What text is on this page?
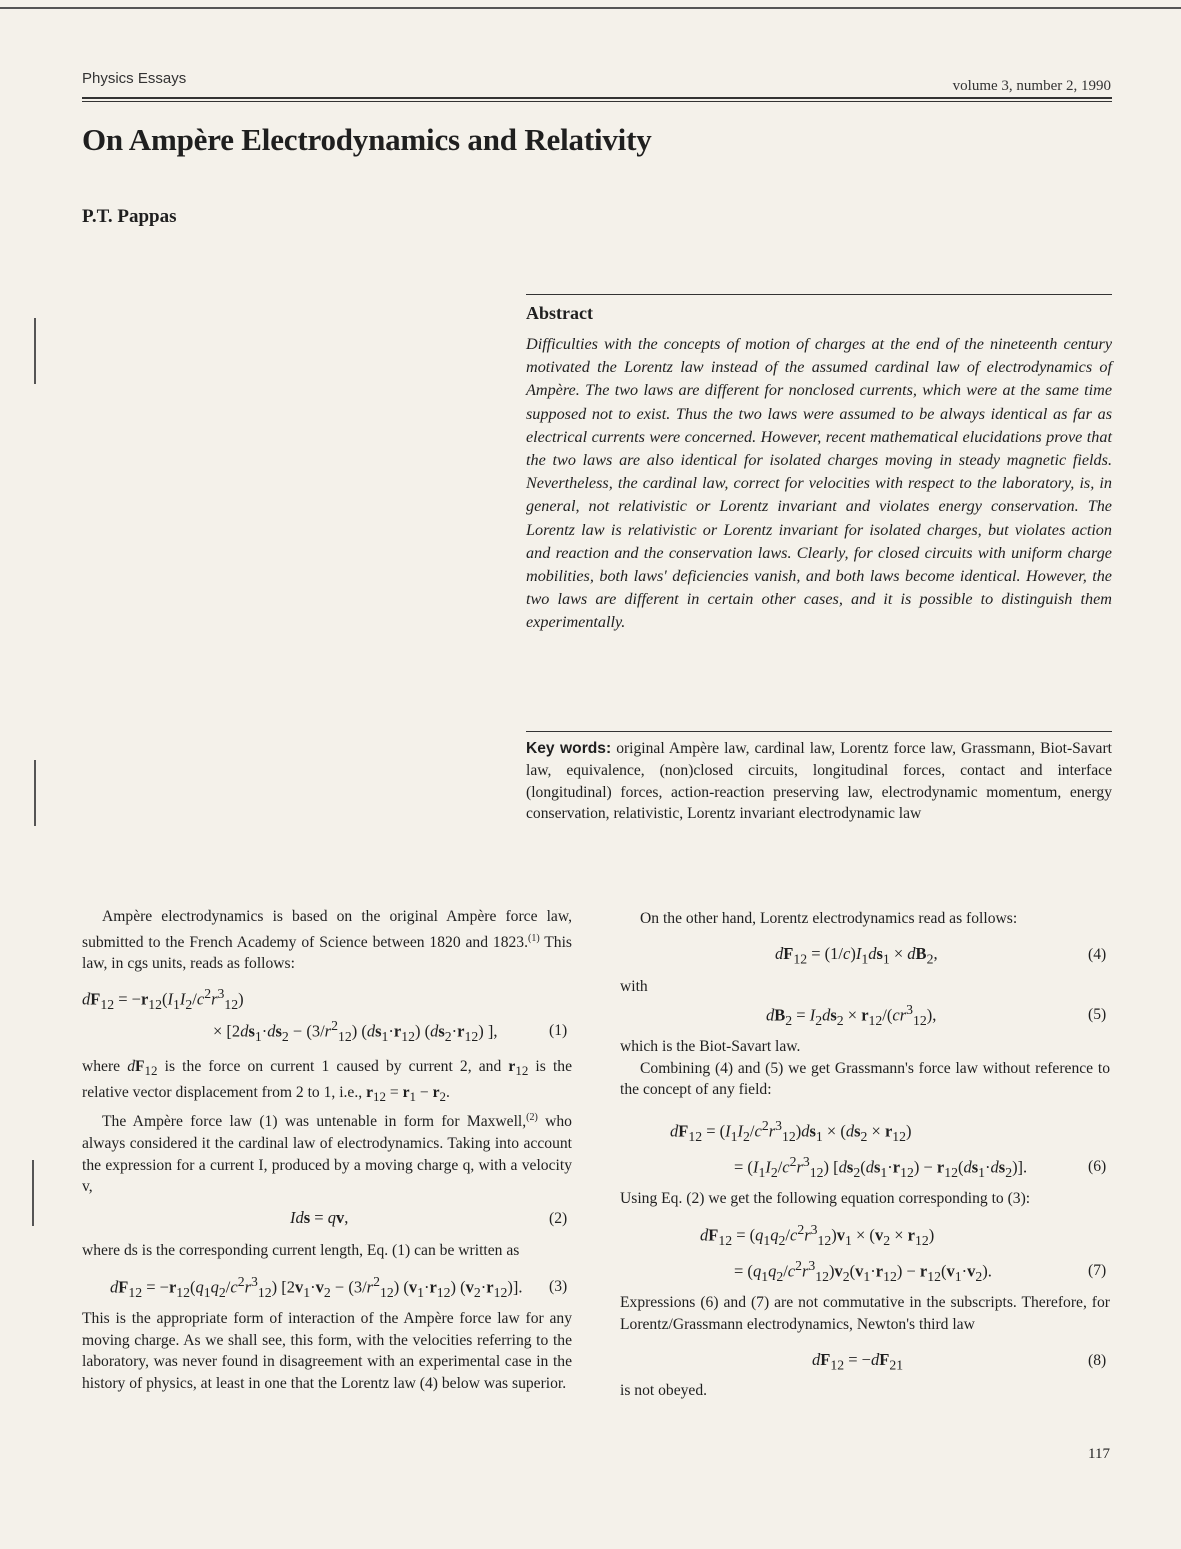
Physics Essays	volume 3, number 2, 1990
On Ampère Electrodynamics and Relativity
P.T. Pappas
Abstract
Difficulties with the concepts of motion of charges at the end of the nineteenth century motivated the Lorentz law instead of the assumed cardinal law of electrodynamics of Ampère. The two laws are different for nonclosed currents, which were at the same time supposed not to exist. Thus the two laws were assumed to be always identical as far as electrical currents were concerned. However, recent mathematical elucidations prove that the two laws are also identical for isolated charges moving in steady magnetic fields. Nevertheless, the cardinal law, correct for velocities with respect to the laboratory, is, in general, not relativistic or Lorentz invariant and violates energy conservation. The Lorentz law is relativistic or Lorentz invariant for isolated charges, but violates action and reaction and the conservation laws. Clearly, for closed circuits with uniform charge mobilities, both laws' deficiencies vanish, and both laws become identical. However, the two laws are different in certain other cases, and it is possible to distinguish them experimentally.
Key words: original Ampère law, cardinal law, Lorentz force law, Grassmann, Biot-Savart law, equivalence, (non)closed circuits, longitudinal forces, contact and interface (longitudinal) forces, action-reaction preserving law, electrodynamic momentum, energy conservation, relativistic, Lorentz invariant electrodynamic law

Ampère electrodynamics is based on the original Ampère force law, submitted to the French Academy of Science between 1820 and 1823.$^{(1)}$ This law, in cgs units, reads as follows:

$dF_{12} = -r_{12}(I_1I_2/c^2r^3_{12})$
× [$2ds_1\cdot ds_2 - (3/r^2_{12})$ $(ds_1\cdot r_{12})$ $(ds_2\cdot r_{12})$ ],	(1)

where $dF_{12}$ is the force on current 1 caused by current 2, and $r_{12}$ is the relative vector displacement from 2 to 1, i.e., $r_{12} = r_1 - r_2$.

The Ampère force law (1) was untenable in form for Maxwell,$^{(2)}$ who always considered it the cardinal law of electrodynamics. Taking into account the expression for a current I, produced by a moving charge q, with a velocity v,

Ids = qv,	(2)

where ds is the corresponding current length, Eq. (1) can be written as

$dF_{12} = -r_{12}(q_1q_2/c^2r^3_{12}) [2v_1\cdot v_2 - (3/r^2_{12})$ $(v_1\cdot r_{12})$ $(v_2\cdot r_{12})$]. (3)

This is the appropriate form of interaction of the Ampère force law for any moving charge. As we shall see, this form, with the velocities referring to the laboratory, was never found in disagreement with an experimental case in the history of physics, at least in one that the Lorentz law (4) below was superior.

On the other hand, Lorentz electrodynamics read as follows:

$dF_{12} = (1/c)I_1ds_1 \times dB_2$,	(4)
with
$dB_2 = I_2ds_2 \times r_{12}/(cr^3_{12})$,	(5)

which is the Biot-Savart law.

Combining (4) and (5) we get Grassmann's force law without reference to the concept of any field:

$dF_{12} = (I_1I_2/c^2r^3_{12})ds_1 \times (ds_2 \times r_{12})$
= $(I_1I_2/c^2r^3_{12}) [ds_2(ds_1\cdot r_{12}) - r_{12}(ds_1\cdot ds_2)]$.	(6)

Using Eq. (2) we get the following equation corresponding to (3):

$dF_{12} = (q_1q_2/c^2r^3_{12})v_1 \times (v_2 \times r_{12})$
= $(q_1q_2/c^2r^3_{12})v_2(v_1\cdot r_{12}) - r_{12}(v_1\cdot v_2)$.	(7)

Expressions (6) and (7) are not commutative in the subscripts. Therefore, for Lorentz/Grassmann electrodynamics, Newton's third law

$dF_{12} = -dF_{21}$	(8)
is not obeyed.
117
